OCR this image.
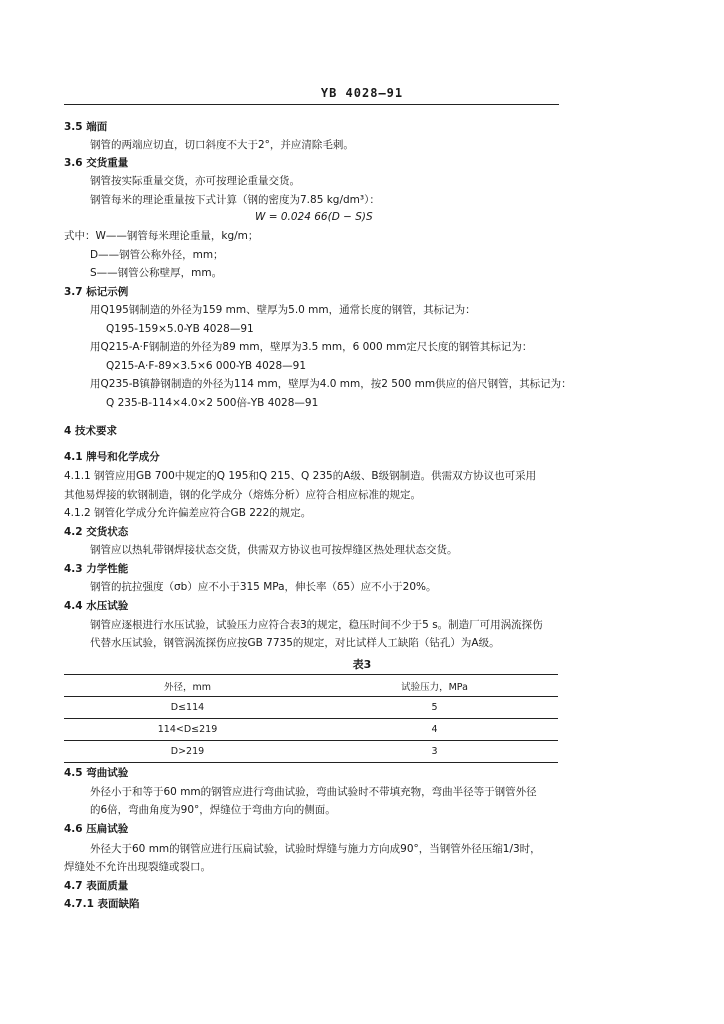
YB 4028—91
3.5 端面
钢管的两端应切直，切口斜度不大于2°，并应清除毛刺。
3.6 交货重量
钢管按实际重量交货，亦可按理论重量交货。
钢管每米的理论重量按下式计算（钢的密度为7.85 kg/dm³）：
式中：W——钢管每米理论重量，kg/m；
D——钢管公称外径，mm；
S——钢管公称壁厚，mm。
3.7 标记示例
用Q195钢制造的外径为159 mm、壁厚为5.0 mm，通常长度的钢管，其标记为：
Q195-159×5.0-YB 4028—91
用Q215-A·F钢制造的外径为89 mm，壁厚为3.5 mm，6 000 mm定尺长度的钢管其标记为：
Q215-A·F-89×3.5×6 000-YB 4028—91
用Q235-B镇静钢制造的外径为114 mm，壁厚为4.0 mm，按2 500 mm供应的倍尺钢管，其标记为：
Q 235-B-114×4.0×2 500倍-YB 4028—91
4 技术要求
4.1 牌号和化学成分
4.1.1 钢管应用GB 700中规定的Q 195和Q 215、Q 235的A级、B级钢制造。供需双方协议也可采用
其他易焊接的软钢制造，钢的化学成分（熔炼分析）应符合相应标准的规定。
4.1.2 钢管化学成分允许偏差应符合GB 222的规定。
4.2 交货状态
钢管应以热轧带钢焊接状态交货，供需双方协议也可按焊缝区热处理状态交货。
4.3 力学性能
钢管的抗拉强度（σb）应不小于315 MPa，伸长率（δ5）应不小于20%。
4.4 水压试验
钢管应逐根进行水压试验，试验压力应符合表3的规定，稳压时间不少于5 s。制造厂可用涡流探伤
代替水压试验，钢管涡流探伤应按GB 7735的规定，对比试样人工缺陷（钻孔）为A级。
4.5 弯曲试验
外径小于和等于60 mm的钢管应进行弯曲试验，弯曲试验时不带填充物，弯曲半径等于钢管外径
的6倍，弯曲角度为90°，焊缝位于弯曲方向的侧面。
4.6 压扁试验
外径大于60 mm的钢管应进行压扁试验，试验时焊缝与施力方向成90°，当钢管外径压缩1/3时，
焊缝处不允许出现裂缝或裂口。
4.7 表面质量
4.7.1 表面缺陷
W = 0.024 66(D − S)S
表3
外径，mm	试验压力，MPa
D≤114	5
114<D≤219	4
D>219	3
